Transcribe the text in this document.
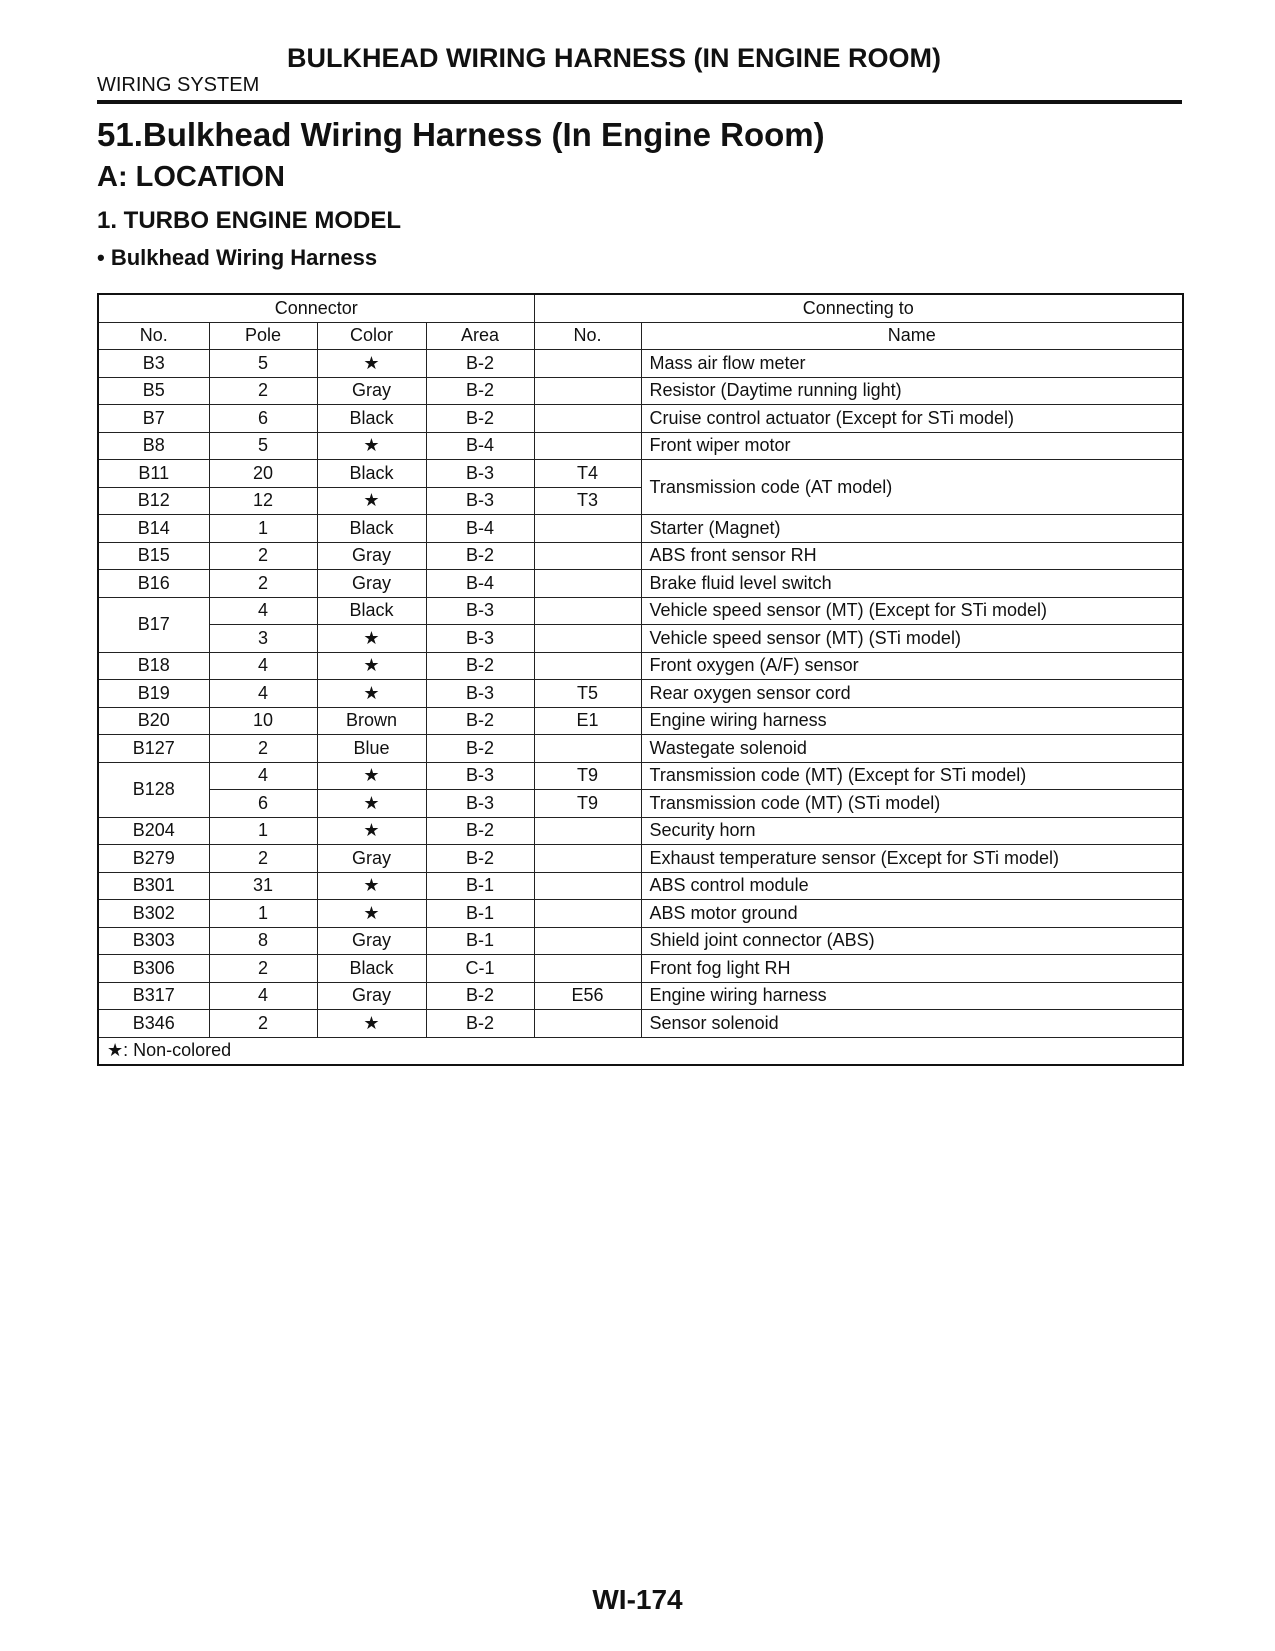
BULKHEAD WIRING HARNESS (IN ENGINE ROOM)
WIRING SYSTEM
51.Bulkhead Wiring Harness (In Engine Room)
A: LOCATION
1. TURBO ENGINE MODEL
• Bulkhead Wiring Harness
Connector				Connecting to	
No.	Pole	Color	Area	No.	Name
B3	5	★	B-2		Mass air flow meter
B5	2	Gray	B-2		Resistor (Daytime running light)
B7	6	Black	B-2		Cruise control actuator (Except for STi model)
B8	5	★	B-4		Front wiper motor
B11	20	Black	B-3	T4	Transmission code (AT model)
B12	12	★	B-3	T3	
B14	1	Black	B-4		Starter (Magnet)
B15	2	Gray	B-2		ABS front sensor RH
B16	2	Gray	B-4		Brake fluid level switch
B17	4	Black	B-3		Vehicle speed sensor (MT) (Except for STi model)
	3	★	B-3		Vehicle speed sensor (MT) (STi model)
B18	4	★	B-2		Front oxygen (A/F) sensor
B19	4	★	B-3	T5	Rear oxygen sensor cord
B20	10	Brown	B-2	E1	Engine wiring harness
B127	2	Blue	B-2		Wastegate solenoid
B128	4	★	B-3	T9	Transmission code (MT) (Except for STi model)
	6	★	B-3	T9	Transmission code (MT) (STi model)
B204	1	★	B-2		Security horn
B279	2	Gray	B-2		Exhaust temperature sensor (Except for STi model)
B301	31	★	B-1		ABS control module
B302	1	★	B-1		ABS motor ground
B303	8	Gray	B-1		Shield joint connector (ABS)
B306	2	Black	C-1		Front fog light RH
B317	4	Gray	B-2	E56	Engine wiring harness
B346	2	★	B-2		Sensor solenoid
★: Non-colored					
WI-174
